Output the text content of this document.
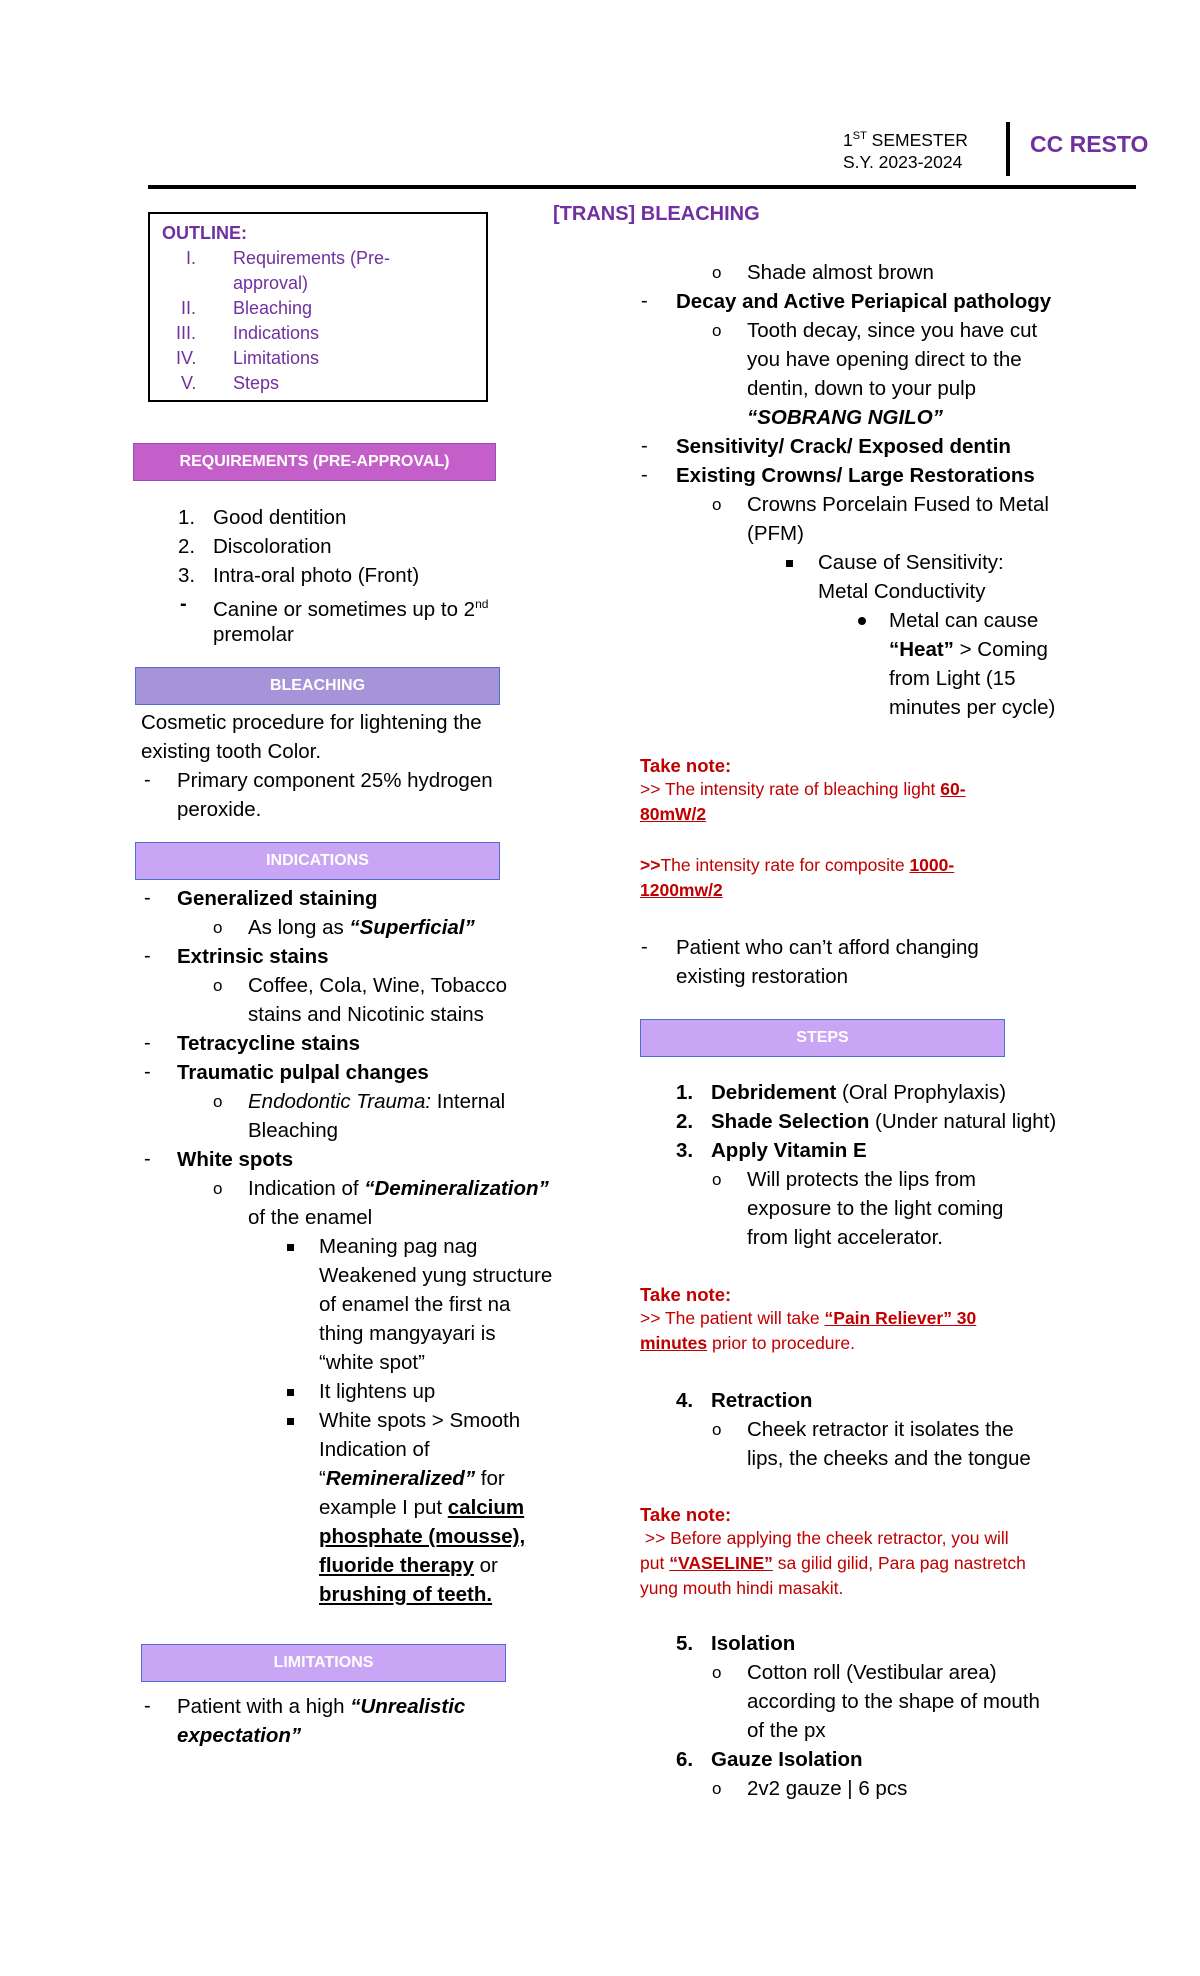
1ST SEMESTER
S.Y. 2023-2024
CC RESTO
OUTLINE:
I. Requirements (Pre-
approval)
II. Bleaching
III. Indications
IV. Limitations
V. Steps
[TRANS] BLEACHING
REQUIREMENTS (PRE-APPROVAL)
1. Good dentition
2. Discoloration
3. Intra-oral photo (Front)
- Canine or sometimes up to 2nd
premolar
BLEACHING
Cosmetic procedure for lightening the
existing tooth Color.
- Primary component 25% hydrogen
peroxide.
INDICATIONS
- Generalized staining
o As long as “Superficial”
- Extrinsic stains
o Coffee, Cola, Wine, Tobacco
stains and Nicotinic stains
- Tetracycline stains
- Traumatic pulpal changes
o Endodontic Trauma: Internal
Bleaching
- White spots
o Indication of “Demineralization”
of the enamel
Meaning pag nag
Weakened yung structure
of enamel the first na
thing mangyayari is
“white spot”
It lightens up
White spots > Smooth
Indication of
“Remineralized” for
example I put calcium
phosphate (mousse),
fluoride therapy or
brushing of teeth.
LIMITATIONS
- Patient with a high “Unrealistic
expectation”
o Shade almost brown
- Decay and Active Periapical pathology
o Tooth decay, since you have cut
you have opening direct to the
dentin, down to your pulp
“SOBRANG NGILO”
- Sensitivity/ Crack/ Exposed dentin
- Existing Crowns/ Large Restorations
o Crowns Porcelain Fused to Metal
(PFM)
Cause of Sensitivity:
Metal Conductivity
Metal can cause
“Heat” > Coming
from Light (15
minutes per cycle)
Take note:
>> The intensity rate of bleaching light 60-
80mW/2
>>The intensity rate for composite 1000-
1200mw/2
- Patient who can’t afford changing
existing restoration
STEPS
1. Debridement (Oral Prophylaxis)
2. Shade Selection (Under natural light)
3. Apply Vitamin E
o Will protects the lips from
exposure to the light coming
from light accelerator.
Take note:
>> The patient will take “Pain Reliever” 30
minutes prior to procedure.
4. Retraction
o Cheek retractor it isolates the
lips, the cheeks and the tongue
Take note:
>> Before applying the cheek retractor, you will
put “VASELINE” sa gilid gilid, Para pag nastretch
yung mouth hindi masakit.
5. Isolation
o Cotton roll (Vestibular area)
according to the shape of mouth
of the px
6. Gauze Isolation
o 2v2 gauze | 6 pcs
